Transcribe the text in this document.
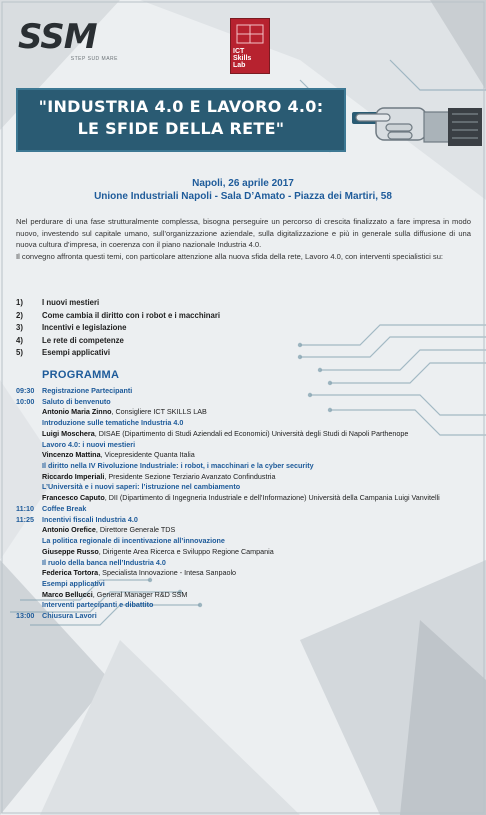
SSM
STEP SUD MARE
ICT
Skills
Lab
"INDUSTRIA 4.0 E LAVORO 4.0:
LE SFIDE DELLA RETE"
Napoli, 26 aprile 2017
Unione Industriali Napoli - Sala D’Amato - Piazza dei Martiri, 58
Nel perdurare di una fase strutturalmente complessa, bisogna perseguire un percorso di crescita finalizzato a fare impresa in modo nuovo, investendo sul capitale umano, sull’organizzazione aziendale, sulla digitalizzazione e più in generale sulla diffusione di una nuova cultura d’impresa, in coerenza con il piano nazionale Industria 4.0.
Il convegno affronta questi temi, con particolare attenzione alla nuova sfida della rete, Lavoro 4.0, con interventi specialistici su:
1)	I nuovi mestieri
2)	Come cambia il diritto con i robot e i macchinari
3)	Incentivi e legislazione
4)	Le rete di competenze
5)	Esempi applicativi
PROGRAMMA
09:30	Registrazione Partecipanti
10:00	Saluto di benvenuto
Antonio Maria Zinno, Consigliere ICT SKILLS LAB
Introduzione sulle tematiche Industria 4.0
Luigi Moschera, DISAE (Dipartimento di Studi Aziendali ed Economici) Università degli Studi di Napoli Parthenope
Lavoro 4.0: i nuovi mestieri
Vincenzo Mattina, Vicepresidente Quanta Italia
Il diritto nella IV Rivoluzione Industriale: i robot, i macchinari e la cyber security
Riccardo Imperiali, Presidente Sezione Terziario Avanzato Confindustria
L’Università e i nuovi saperi: l’istruzione nel cambiamento
Francesco Caputo, DII (Dipartimento di Ingegneria Industriale e dell’Informazione) Università della Campania Luigi Vanvitelli
11:10	Coffee Break
11:25	Incentivi fiscali Industria 4.0
Antonio Orefice, Direttore Generale TDS
La politica regionale di incentivazione all’innovazione
Giuseppe Russo, Dirigente Area Ricerca e Sviluppo Regione Campania
Il ruolo della banca nell’Industria 4.0
Federica Tortora, Specialista Innovazione - Intesa Sanpaolo
Esempi applicativi
Marco Bellucci, General Manager R&D SSM
Interventi partecipanti e dibattito
13:00	Chiusura Lavori
